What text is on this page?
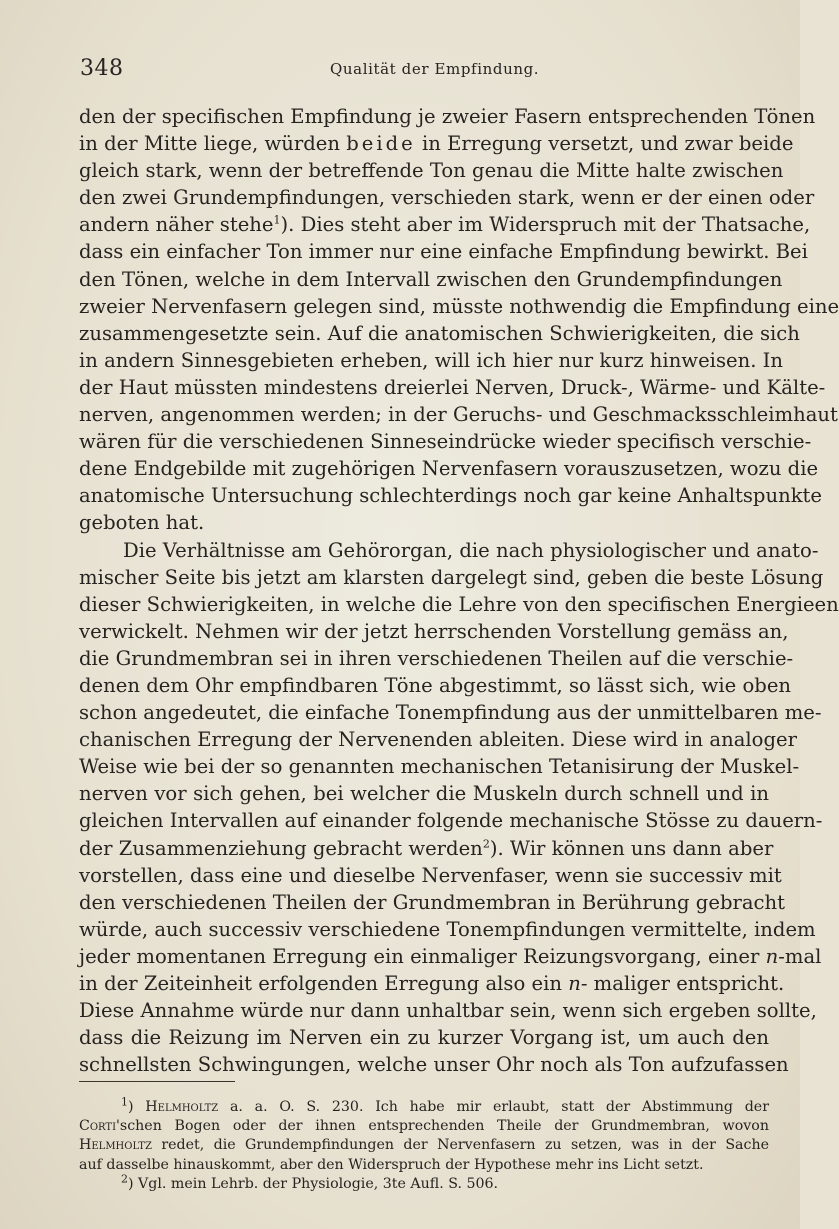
348	Qualität der Empfindung.
den der specifischen Empfindung je zweier Fasern entsprechenden Tönen
in der Mitte liege, würden beide in Erregung versetzt, und zwar beide
gleich stark, wenn der betreffende Ton genau die Mitte halte zwischen
den zwei Grundempfindungen, verschieden stark, wenn er der einen oder
andern näher stehe$^1$). Dies steht aber im Widerspruch mit der Thatsache,
dass ein einfacher Ton immer nur eine einfache Empfindung bewirkt. Bei
den Tönen, welche in dem Intervall zwischen den Grundempfindungen
zweier Nervenfasern gelegen sind, müsste nothwendig die Empfindung eine
zusammengesetzte sein. Auf die anatomischen Schwierigkeiten, die sich
in andern Sinnesgebieten erheben, will ich hier nur kurz hinweisen. In
der Haut müssten mindestens dreierlei Nerven, Druck-, Wärme- und Kälte-
nerven, angenommen werden; in der Geruchs- und Geschmacksschleimhaut
wären für die verschiedenen Sinneseindrücke wieder specifisch verschie-
dene Endgebilde mit zugehörigen Nervenfasern vorauszusetzen, wozu die
anatomische Untersuchung schlechterdings noch gar keine Anhaltspunkte
geboten hat.
Die Verhältnisse am Gehörorgan, die nach physiologischer und anato-
mischer Seite bis jetzt am klarsten dargelegt sind, geben die beste Lösung
dieser Schwierigkeiten, in welche die Lehre von den specifischen Energieen
verwickelt. Nehmen wir der jetzt herrschenden Vorstellung gemäss an,
die Grundmembran sei in ihren verschiedenen Theilen auf die verschie-
denen dem Ohr empfindbaren Töne abgestimmt, so lässt sich, wie oben
schon angedeutet, die einfache Tonempfindung aus der unmittelbaren me-
chanischen Erregung der Nervenenden ableiten. Diese wird in analoger
Weise wie bei der so genannten mechanischen Tetanisirung der Muskel-
nerven vor sich gehen, bei welcher die Muskeln durch schnell und in
gleichen Intervallen auf einander folgende mechanische Stösse zu dauern-
der Zusammenziehung gebracht werden$^2$). Wir können uns dann aber
vorstellen, dass eine und dieselbe Nervenfaser, wenn sie successiv mit
den verschiedenen Theilen der Grundmembran in Berührung gebracht
würde, auch successiv verschiedene Tonempfindungen vermittelte, indem
jeder momentanen Erregung ein einmaliger Reizungsvorgang, einer n-mal
in der Zeiteinheit erfolgenden Erregung also ein n- maliger entspricht.
Diese Annahme würde nur dann unhaltbar sein, wenn sich ergeben sollte,
dass die Reizung im Nerven ein zu kurzer Vorgang ist, um auch den
schnellsten Schwingungen, welche unser Ohr noch als Ton aufzufassen
$^1$) Helmholtz a. a. O. S. 230. Ich habe mir erlaubt, statt der Abstimmung der
Corti'schen Bogen oder der ihnen entsprechenden Theile der Grundmembran, wovon
Helmholtz redet, die Grundempfindungen der Nervenfasern zu setzen, was in der Sache
auf dasselbe hinauskommt, aber den Widerspruch der Hypothese mehr ins Licht setzt.
$^2$) Vgl. mein Lehrb. der Physiologie, 3te Aufl. S. 506.
